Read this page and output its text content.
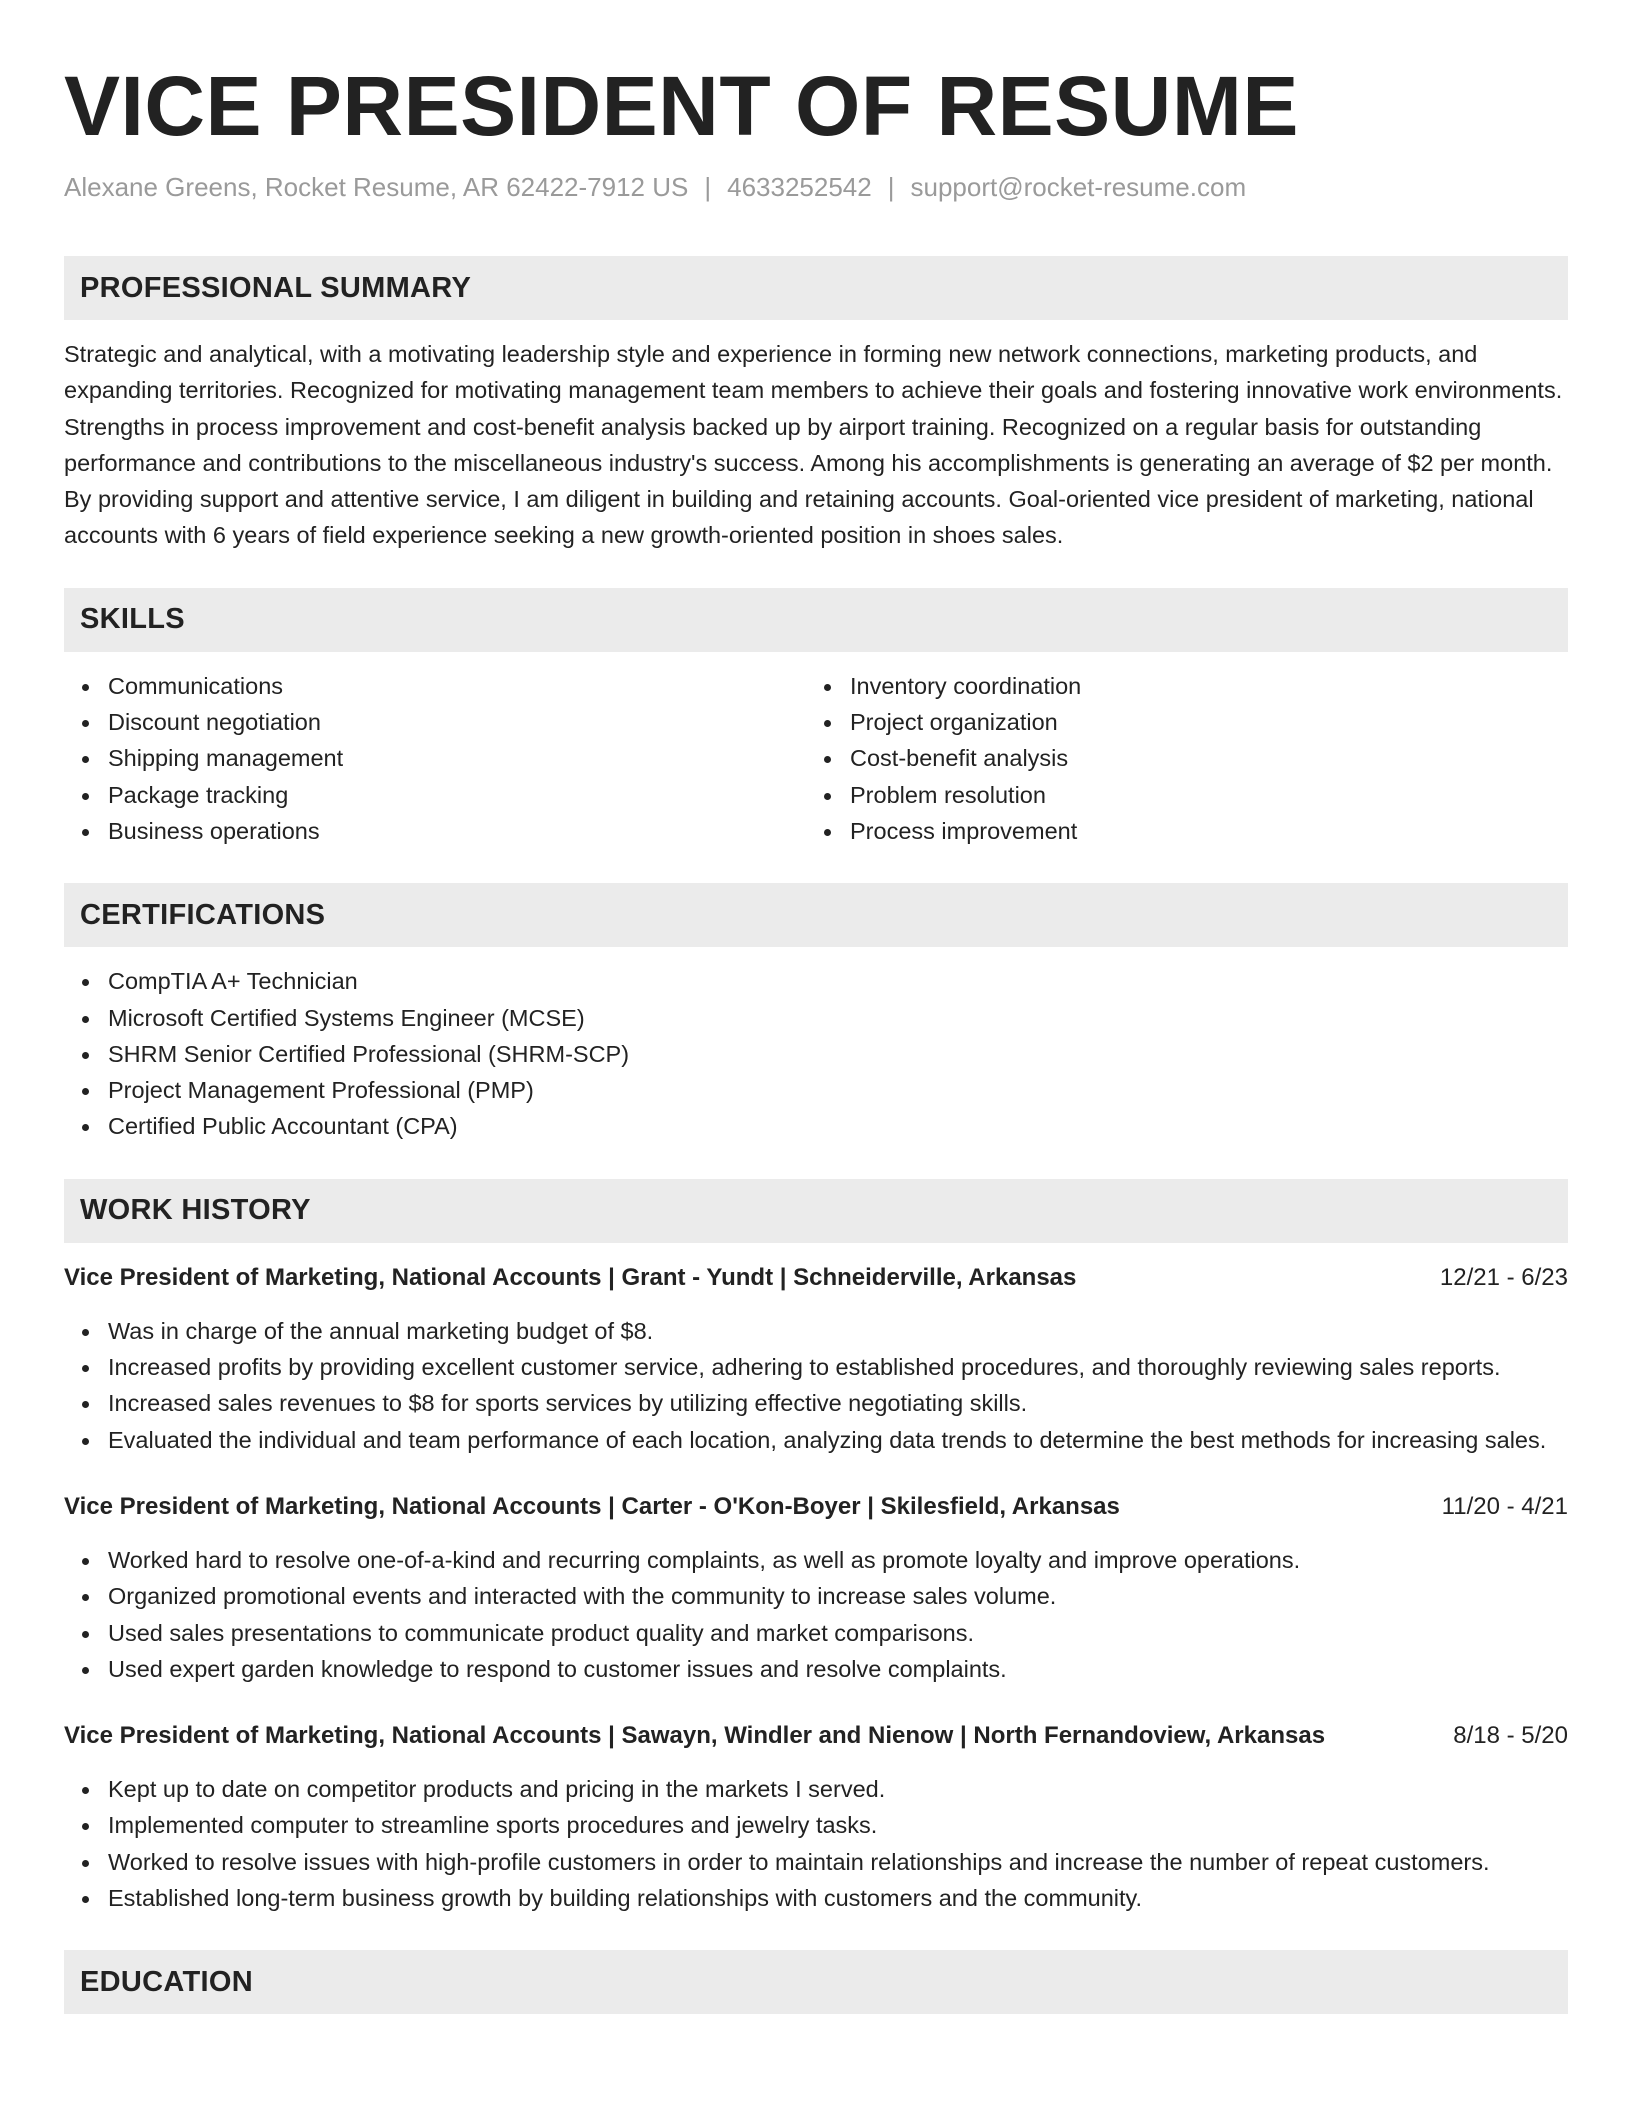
VICE PRESIDENT OF RESUME
Alexane Greens, Rocket Resume, AR 62422-7912 US | 4633252542 | support@rocket-resume.com
PROFESSIONAL SUMMARY

Strategic and analytical, with a motivating leadership style and experience in forming new network connections, marketing products, and expanding territories. Recognized for motivating management team members to achieve their goals and fostering innovative work environments. Strengths in process improvement and cost-benefit analysis backed up by airport training. Recognized on a regular basis for outstanding performance and contributions to the miscellaneous industry's success. Among his accomplishments is generating an average of $2 per month. By providing support and attentive service, I am diligent in building and retaining accounts. Goal-oriented vice president of marketing, national accounts with 6 years of field experience seeking a new growth-oriented position in shoes sales.

SKILLS
Communications
Discount negotiation
Shipping management
Package tracking
Business operations
Inventory coordination
Project organization
Cost-benefit analysis
Problem resolution
Process improvement
CERTIFICATIONS
CompTIA A+ Technician
Microsoft Certified Systems Engineer (MCSE)
SHRM Senior Certified Professional (SHRM-SCP)
Project Management Professional (PMP)
Certified Public Accountant (CPA)
WORK HISTORY
Vice President of Marketing, National Accounts | Grant - Yundt | Schneiderville, Arkansas	12/21 - 6/23
Was in charge of the annual marketing budget of $8.
Increased profits by providing excellent customer service, adhering to established procedures, and thoroughly reviewing sales reports.
Increased sales revenues to $8 for sports services by utilizing effective negotiating skills.
Evaluated the individual and team performance of each location, analyzing data trends to determine the best methods for increasing sales.
Vice President of Marketing, National Accounts | Carter - O'Kon-Boyer | Skilesfield, Arkansas	11/20 - 4/21
Worked hard to resolve one-of-a-kind and recurring complaints, as well as promote loyalty and improve operations.
Organized promotional events and interacted with the community to increase sales volume.
Used sales presentations to communicate product quality and market comparisons.
Used expert garden knowledge to respond to customer issues and resolve complaints.
Vice President of Marketing, National Accounts | Sawayn, Windler and Nienow | North Fernandoview, Arkansas	8/18 - 5/20
Kept up to date on competitor products and pricing in the markets I served.
Implemented computer to streamline sports procedures and jewelry tasks.
Worked to resolve issues with high-profile customers in order to maintain relationships and increase the number of repeat customers.
Established long-term business growth by building relationships with customers and the community.
EDUCATION
